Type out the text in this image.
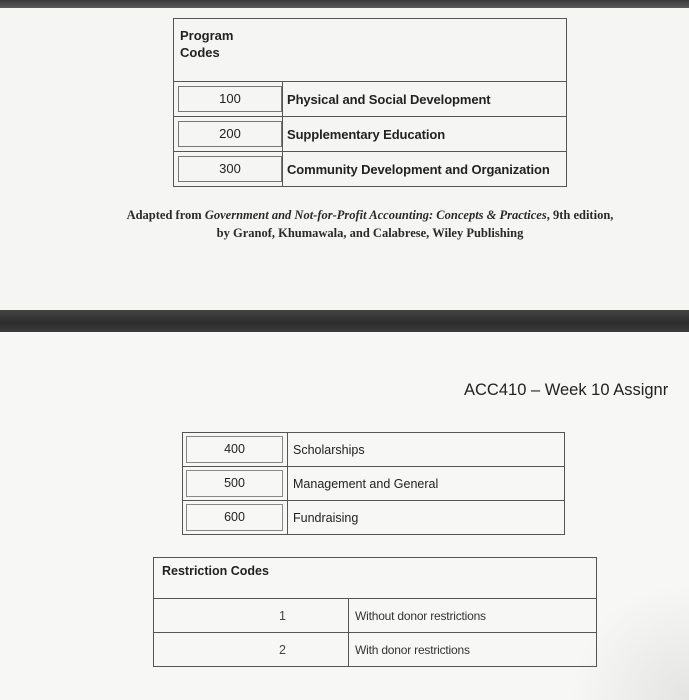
Program
Codes	

100	Physical and Social Development

200	Supplementary Education

300	Community Development and Organization
Adapted from Government and Not-for-Profit Accounting: Concepts & Practices, 9th edition,
by Granof, Khumawala, and Calabrese, Wiley Publishing
ACC410 – Week 10 Assignr
400	Scholarships

500	Management and General

600	Fundraising
Restriction Codes	
1	Without donor restrictions
2	With donor restrictions
